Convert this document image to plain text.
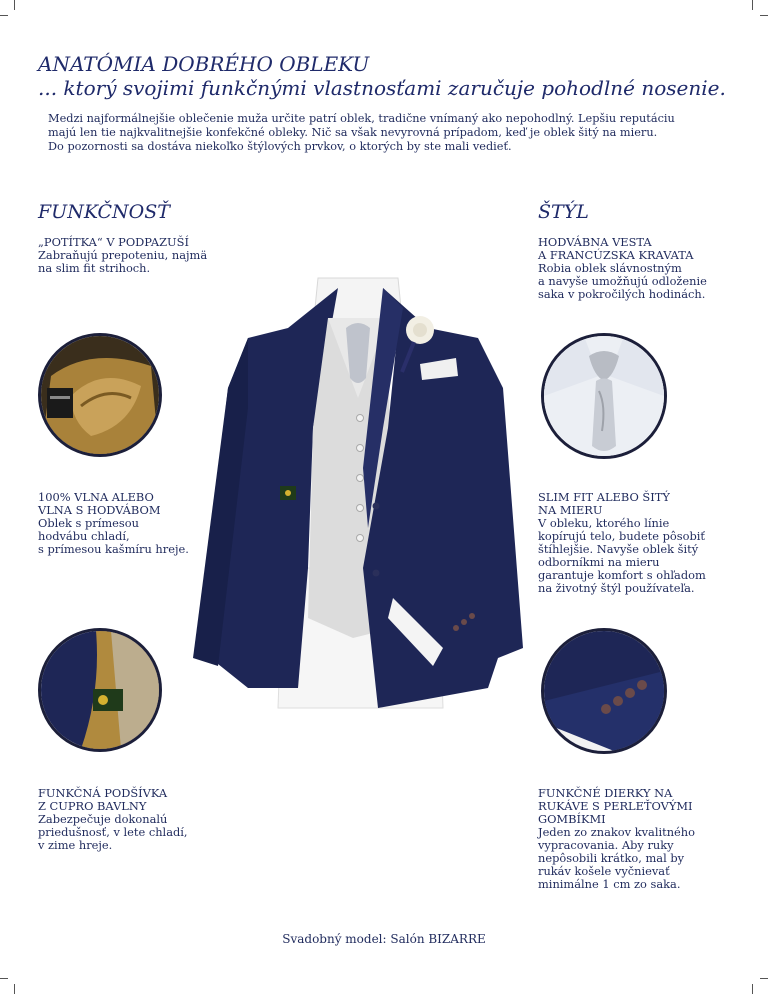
ANATÓMIA DOBRÉHO OBLEKU
... ktorý svojimi funkčnými vlastnosťami zaručuje pohodlné nosenie.
Medzi najformálnejšie oblečenie muža určite patrí oblek, tradične vnímaný ako nepohodlný. Lepšiu reputáciu
majú len tie najkvalitnejšie konfekčné obleky. Nič sa však nevyrovná prípadom, keď je oblek šitý na mieru.
Do pozornosti sa dostáva niekoľko štýlových prvkov, o ktorých by ste mali vedieť.
FUNKČNOSŤ	ŠTÝL
„POTÍTKA“ V PODPAZUŠÍ
Zabraňujú prepoteniu, najmä
na slim fit strihoch.
100% VLNA ALEBO
VLNA S HODVÁBOM
Oblek s prímesou
hodvábu chladí,
s prímesou kašmíru hreje.
FUNKČNÁ PODŠÍVKA
Z CUPRO BAVLNY
Zabezpečuje dokonalú
priedušnosť, v lete chladí,
v zime hreje.
HODVÁBNA VESTA
A FRANCÚZSKA KRAVATA
Robia oblek slávnostným
a navyše umožňujú odloženie
saka v pokročilých hodinách.
SLIM FIT ALEBO ŠITÝ
NA MIERU
V obleku, ktorého línie
kopírujú telo, budete pôsobiť
štíhlejšie. Navyše oblek šitý
odborníkmi na mieru
garantuje komfort s ohľadom
na životný štýl používateľa.
FUNKČNÉ DIERKY NA
RUKÁVE S PERLEŤOVÝMI
GOMBÍKMI
Jeden zo znakov kvalitného
vypracovania. Aby ruky
nepôsobili krátko, mal by
rukáv košele vyčnievať
minimálne 1 cm zo saka.
Svadobný model: Salón BIZARRE
